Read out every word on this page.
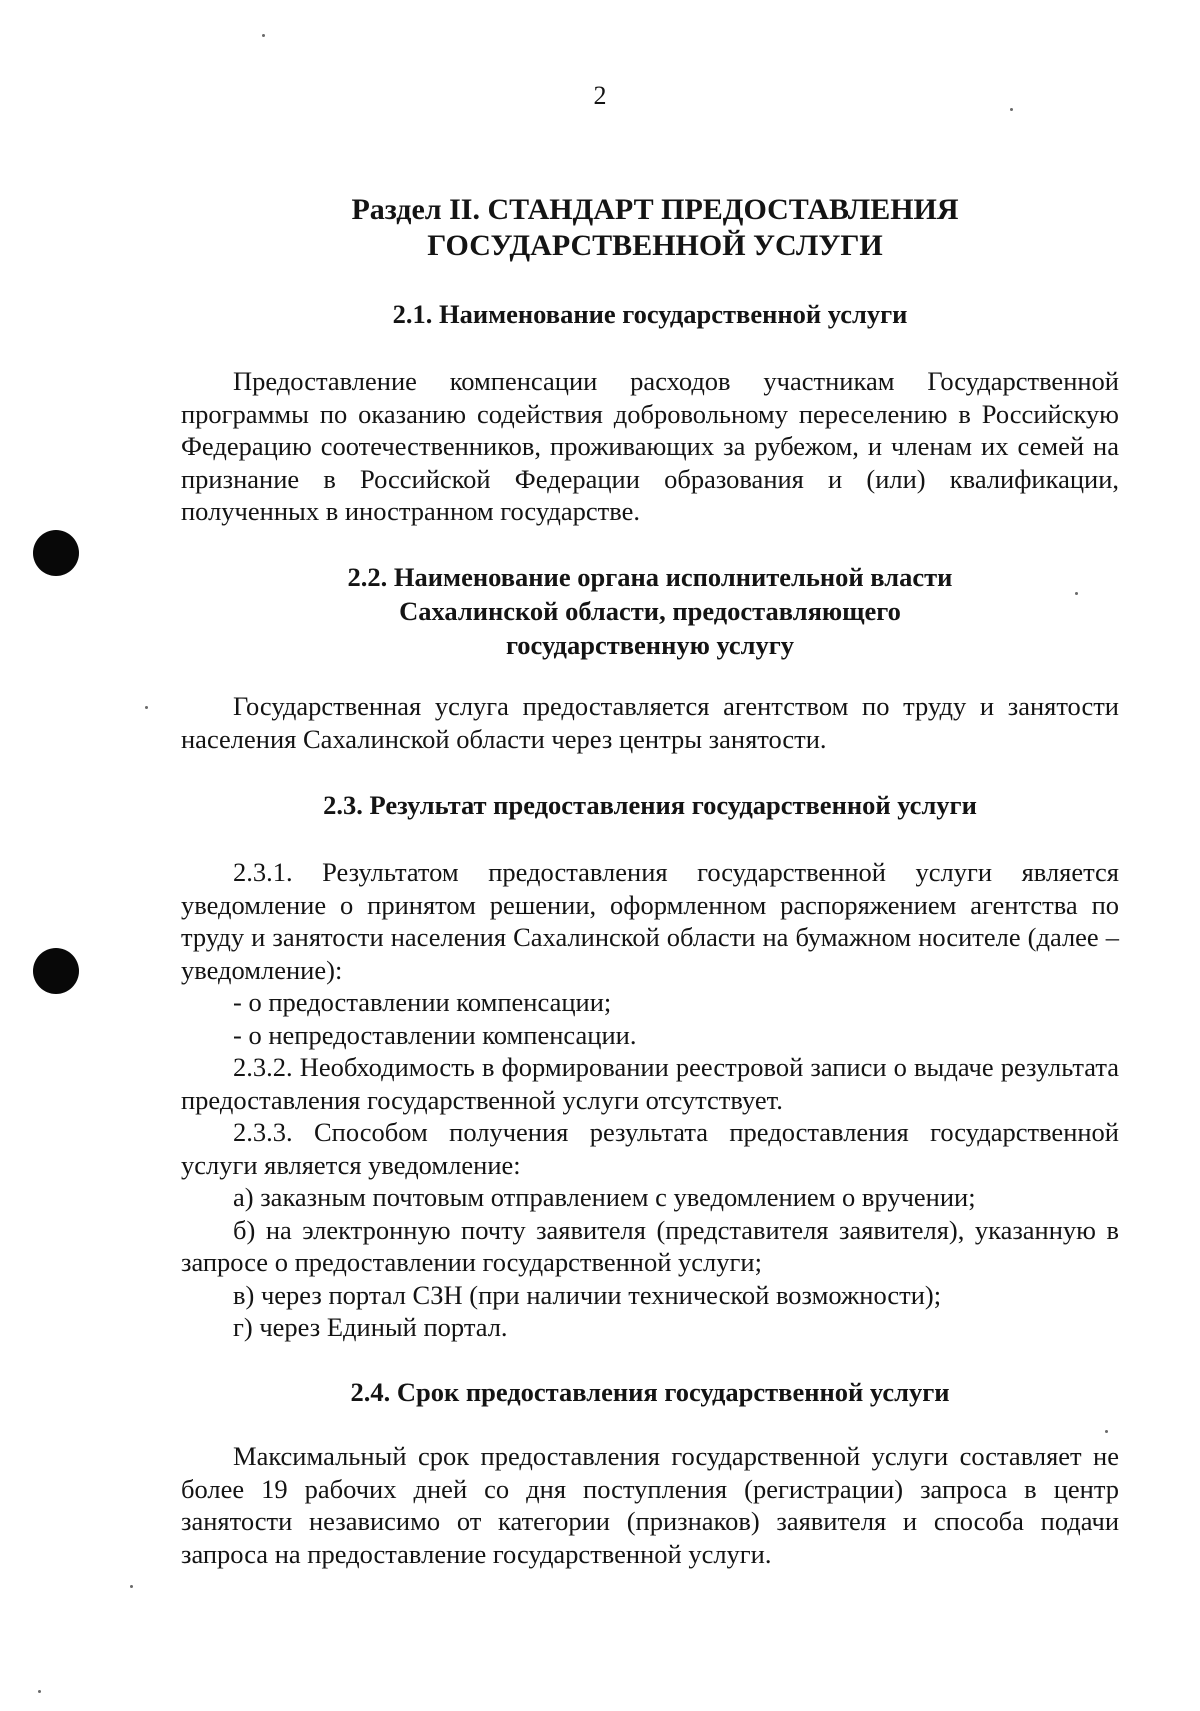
2
Раздел II. СТАНДАРТ ПРЕДОСТАВЛЕНИЯ ГОСУДАРСТВЕННОЙ УСЛУГИ
2.1. Наименование государственной услуги

Предоставление компенсации расходов участникам Государственной программы по оказанию содействия добровольному переселению в Российскую Федерацию соотечественников, проживающих за рубежом, и членам их семей на признание в Российской Федерации образования и (или) квалификации, полученных в иностранном государстве.

2.2. Наименование органа исполнительной власти
Сахалинской области, предоставляющего
государственную услугу

Государственная услуга предоставляется агентством по труду и занятости населения Сахалинской области через центры занятости.

2.3. Результат предоставления государственной услуги

2.3.1. Результатом предоставления государственной услуги является уведомление о принятом решении, оформленном распоряжением агентства по труду и занятости населения Сахалинской области на бумажном носителе (далее – уведомление):

- о предоставлении компенсации;

- о непредоставлении компенсации.

2.3.2. Необходимость в формировании реестровой записи о выдаче результата предоставления государственной услуги отсутствует.

2.3.3. Способом получения результата предоставления государственной услуги является уведомление:

а) заказным почтовым отправлением с уведомлением о вручении;

б) на электронную почту заявителя (представителя заявителя), указанную в запросе о предоставлении государственной услуги;

в) через портал СЗН (при наличии технической возможности);

г) через Единый портал.

2.4. Срок предоставления государственной услуги

Максимальный срок предоставления государственной услуги составляет не более 19 рабочих дней со дня поступления (регистрации) запроса в центр занятости независимо от категории (признаков) заявителя и способа подачи запроса на предоставление государственной услуги.
